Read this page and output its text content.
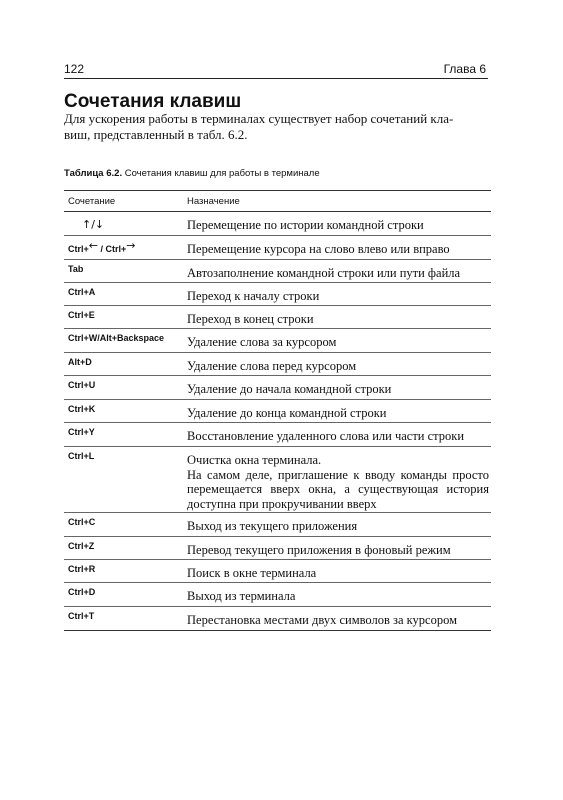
122	Глава 6
Сочетания клавиш

Для ускорения работы в терминалах существует набор сочетаний кла-виш, представленный в табл. 6.2.

Таблица 6.2. Сочетания клавиш для работы в терминале

Сочетание	Назначение
↑/↓	Перемещение по истории командной строки
Ctrl+← / Ctrl+→	Перемещение курсора на слово влево или вправо
Tab	Автозаполнение командной строки или пути файла
Ctrl+A	Переход к началу строки
Ctrl+E	Переход в конец строки
Ctrl+W/Alt+Backspace	Удаление слова за курсором
Alt+D	Удаление слова перед курсором
Ctrl+U	Удаление до начала командной строки
Ctrl+K	Удаление до конца командной строки
Ctrl+Y	Восстановление удаленного слова или части строки
Ctrl+L	Очистка окна терминала.
На самом деле, приглашение к вводу команды просто перемещается вверх окна, а существующая история доступна при прокручивании вверх
Ctrl+C	Выход из текущего приложения
Ctrl+Z	Перевод текущего приложения в фоновый режим
Ctrl+R	Поиск в окне терминала
Ctrl+D	Выход из терминала
Ctrl+T	Перестановка местами двух символов за курсором
